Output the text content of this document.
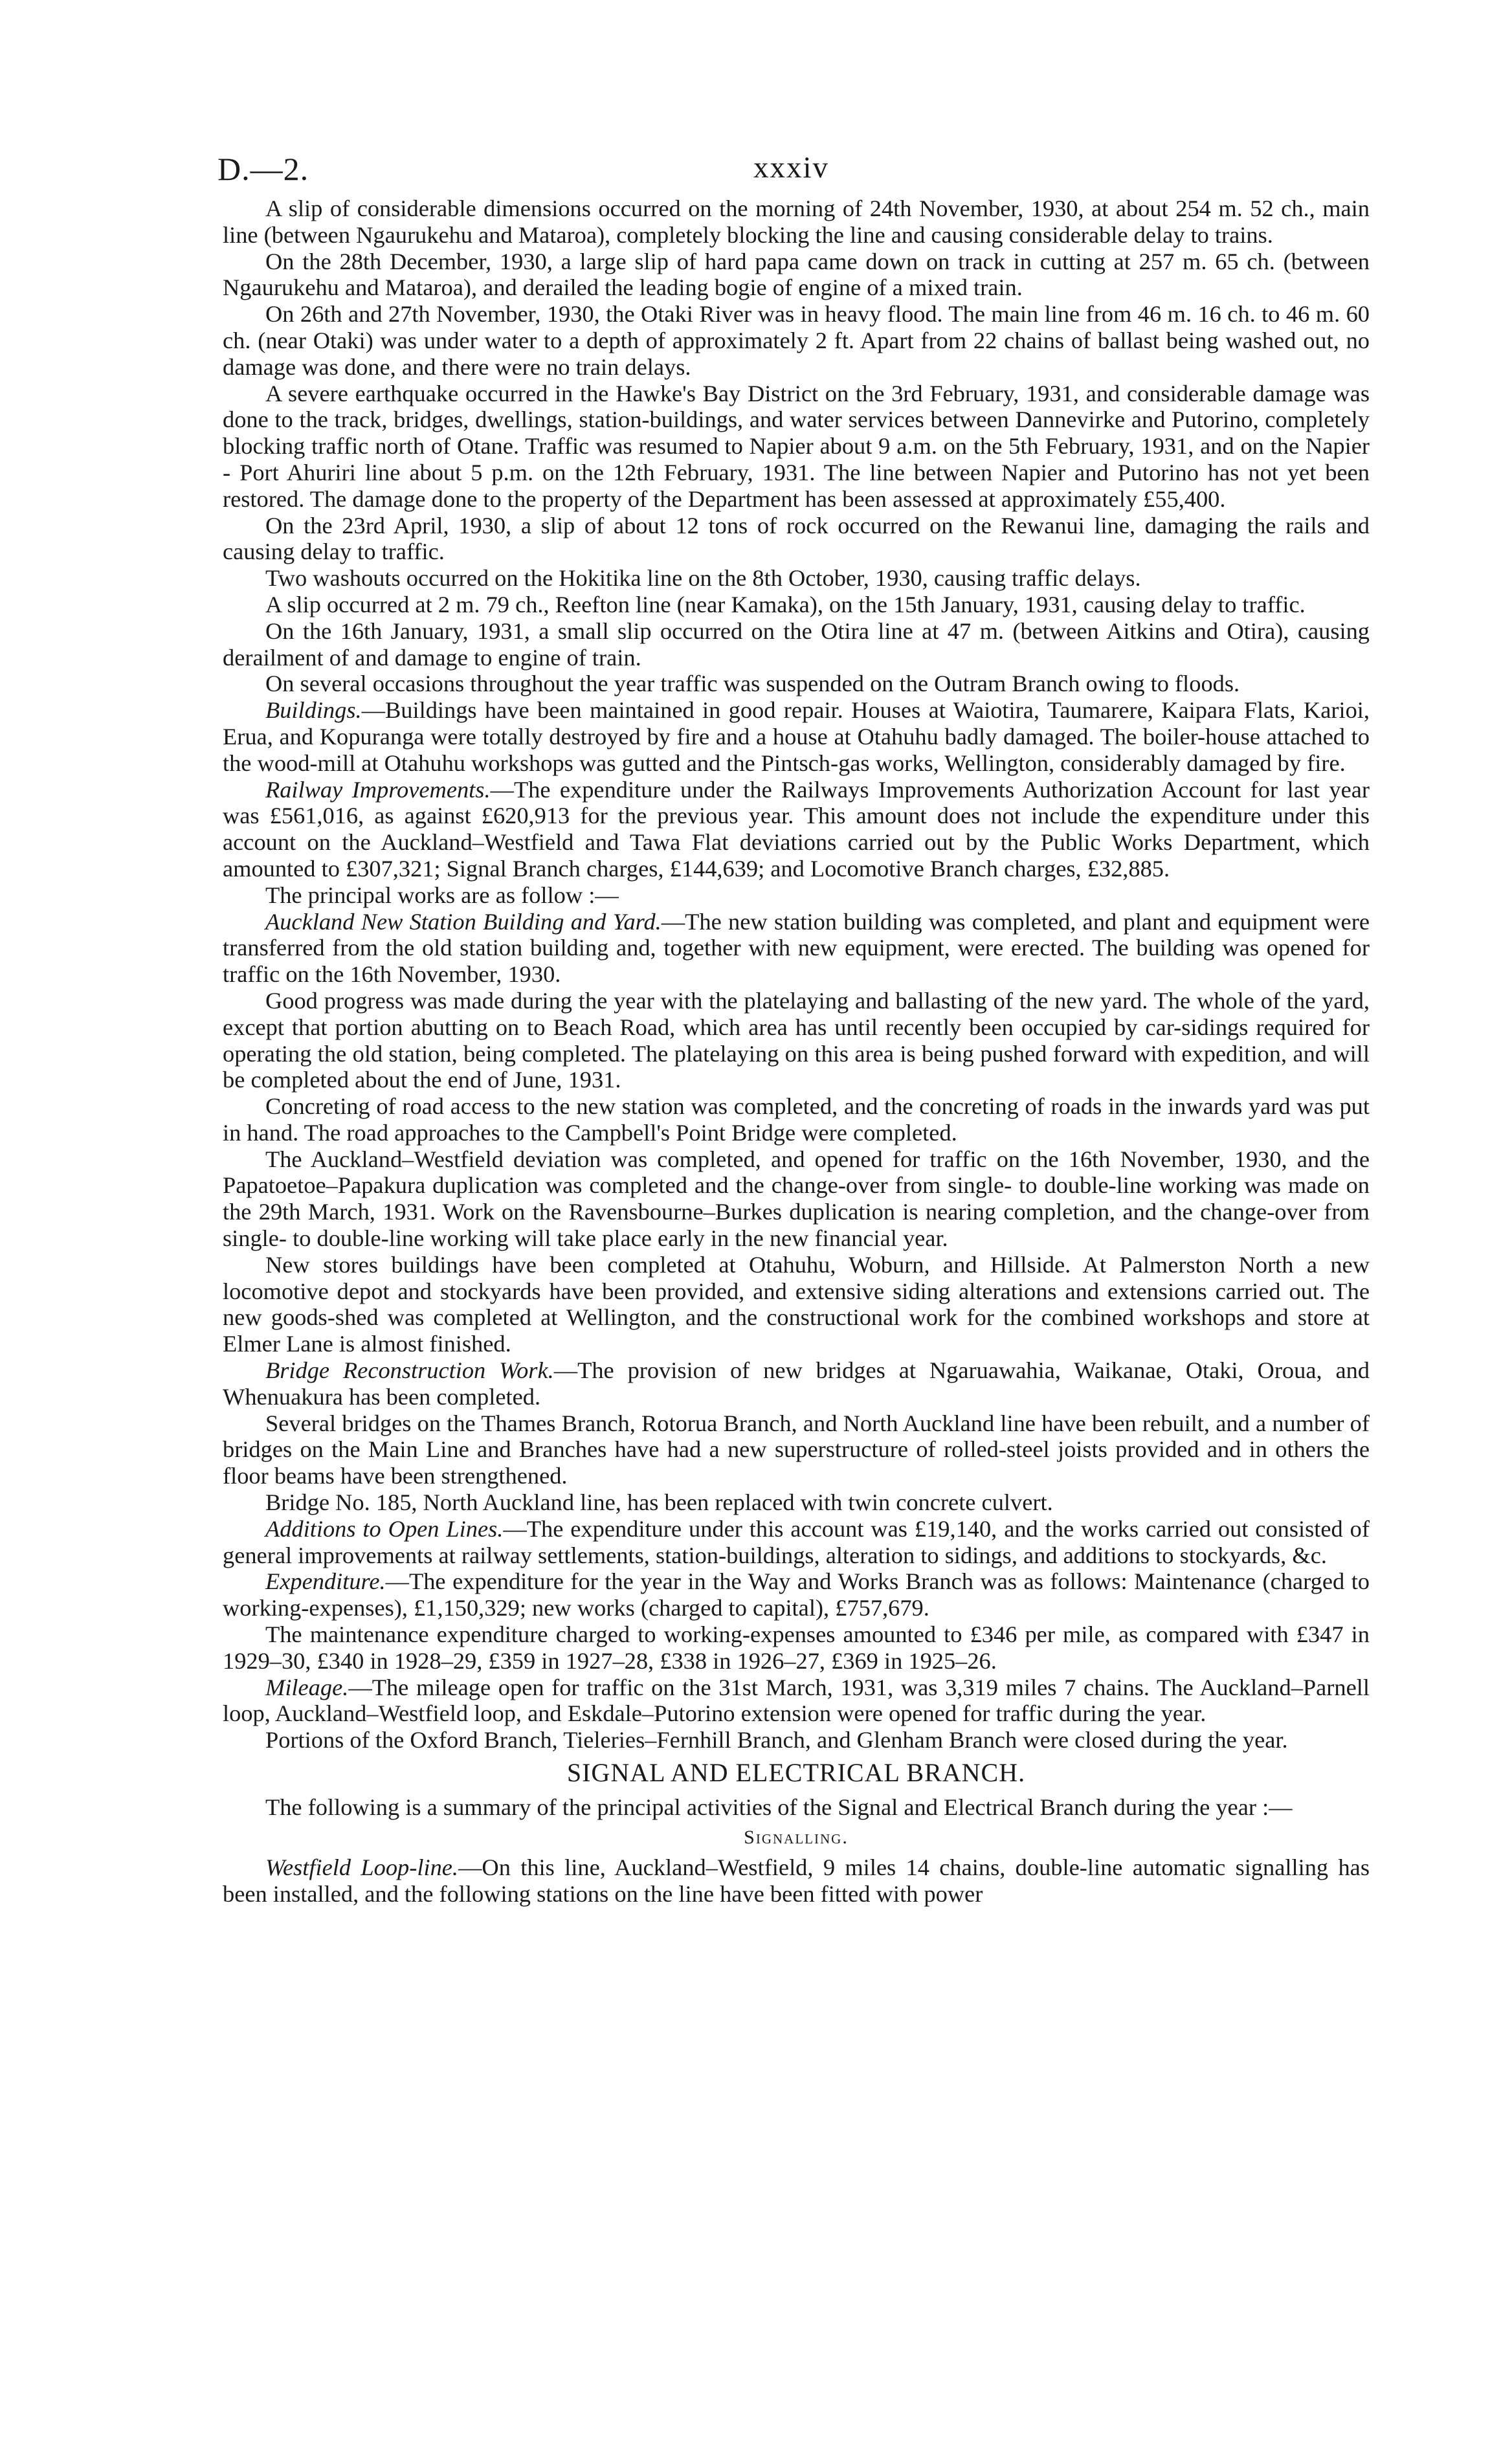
D.—2.	xxxiv

A slip of considerable dimensions occurred on the morning of 24th November, 1930, at about 254 m. 52 ch., main line (between Ngaurukehu and Mataroa), completely blocking the line and causing considerable delay to trains.

On the 28th December, 1930, a large slip of hard papa came down on track in cutting at 257 m. 65 ch. (between Ngaurukehu and Mataroa), and derailed the leading bogie of engine of a mixed train.

On 26th and 27th November, 1930, the Otaki River was in heavy flood. The main line from 46 m. 16 ch. to 46 m. 60 ch. (near Otaki) was under water to a depth of approximately 2 ft. Apart from 22 chains of ballast being washed out, no damage was done, and there were no train delays.

A severe earthquake occurred in the Hawke's Bay District on the 3rd February, 1931, and considerable damage was done to the track, bridges, dwellings, station-buildings, and water services between Dannevirke and Putorino, completely blocking traffic north of Otane. Traffic was resumed to Napier about 9 a.m. on the 5th February, 1931, and on the Napier - Port Ahuriri line about 5 p.m. on the 12th February, 1931. The line between Napier and Putorino has not yet been restored. The damage done to the property of the Department has been assessed at approximately £55,400.

On the 23rd April, 1930, a slip of about 12 tons of rock occurred on the Rewanui line, damaging the rails and causing delay to traffic.

Two washouts occurred on the Hokitika line on the 8th October, 1930, causing traffic delays.

A slip occurred at 2 m. 79 ch., Reefton line (near Kamaka), on the 15th January, 1931, causing delay to traffic.

On the 16th January, 1931, a small slip occurred on the Otira line at 47 m. (between Aitkins and Otira), causing derailment of and damage to engine of train.

On several occasions throughout the year traffic was suspended on the Outram Branch owing to floods.

Buildings.—Buildings have been maintained in good repair. Houses at Waiotira, Taumarere, Kaipara Flats, Karioi, Erua, and Kopuranga were totally destroyed by fire and a house at Otahuhu badly damaged. The boiler-house attached to the wood-mill at Otahuhu workshops was gutted and the Pintsch-gas works, Wellington, considerably damaged by fire.

Railway Improvements.—The expenditure under the Railways Improvements Authorization Account for last year was £561,016, as against £620,913 for the previous year. This amount does not include the expenditure under this account on the Auckland–Westfield and Tawa Flat deviations carried out by the Public Works Department, which amounted to £307,321; Signal Branch charges, £144,639; and Locomotive Branch charges, £32,885.

The principal works are as follow :—

Auckland New Station Building and Yard.—The new station building was completed, and plant and equipment were transferred from the old station building and, together with new equipment, were erected. The building was opened for traffic on the 16th November, 1930.

Good progress was made during the year with the platelaying and ballasting of the new yard. The whole of the yard, except that portion abutting on to Beach Road, which area has until recently been occupied by car-sidings required for operating the old station, being completed. The platelaying on this area is being pushed forward with expedition, and will be completed about the end of June, 1931.

Concreting of road access to the new station was completed, and the concreting of roads in the inwards yard was put in hand. The road approaches to the Campbell's Point Bridge were completed.

The Auckland–Westfield deviation was completed, and opened for traffic on the 16th November, 1930, and the Papatoetoe–Papakura duplication was completed and the change-over from single- to double-line working was made on the 29th March, 1931. Work on the Ravensbourne–Burkes duplication is nearing completion, and the change-over from single- to double-line working will take place early in the new financial year.

New stores buildings have been completed at Otahuhu, Woburn, and Hillside. At Palmerston North a new locomotive depot and stockyards have been provided, and extensive siding alterations and extensions carried out. The new goods-shed was completed at Wellington, and the constructional work for the combined workshops and store at Elmer Lane is almost finished.

Bridge Reconstruction Work.—The provision of new bridges at Ngaruawahia, Waikanae, Otaki, Oroua, and Whenuakura has been completed.

Several bridges on the Thames Branch, Rotorua Branch, and North Auckland line have been rebuilt, and a number of bridges on the Main Line and Branches have had a new superstructure of rolled-steel joists provided and in others the floor beams have been strengthened.

Bridge No. 185, North Auckland line, has been replaced with twin concrete culvert.

Additions to Open Lines.—The expenditure under this account was £19,140, and the works carried out consisted of general improvements at railway settlements, station-buildings, alteration to sidings, and additions to stockyards, &c.

Expenditure.—The expenditure for the year in the Way and Works Branch was as follows: Maintenance (charged to working-expenses), £1,150,329; new works (charged to capital), £757,679.

The maintenance expenditure charged to working-expenses amounted to £346 per mile, as compared with £347 in 1929–30, £340 in 1928–29, £359 in 1927–28, £338 in 1926–27, £369 in 1925–26.

Mileage.—The mileage open for traffic on the 31st March, 1931, was 3,319 miles 7 chains. The Auckland–Parnell loop, Auckland–Westfield loop, and Eskdale–Putorino extension were opened for traffic during the year.

Portions of the Oxford Branch, Tieleries–Fernhill Branch, and Glenham Branch were closed during the year.

SIGNAL AND ELECTRICAL BRANCH.

The following is a summary of the principal activities of the Signal and Electrical Branch during the year :—

Signalling.

Westfield Loop-line.—On this line, Auckland–Westfield, 9 miles 14 chains, double-line automatic signalling has been installed, and the following stations on the line have been fitted with power
